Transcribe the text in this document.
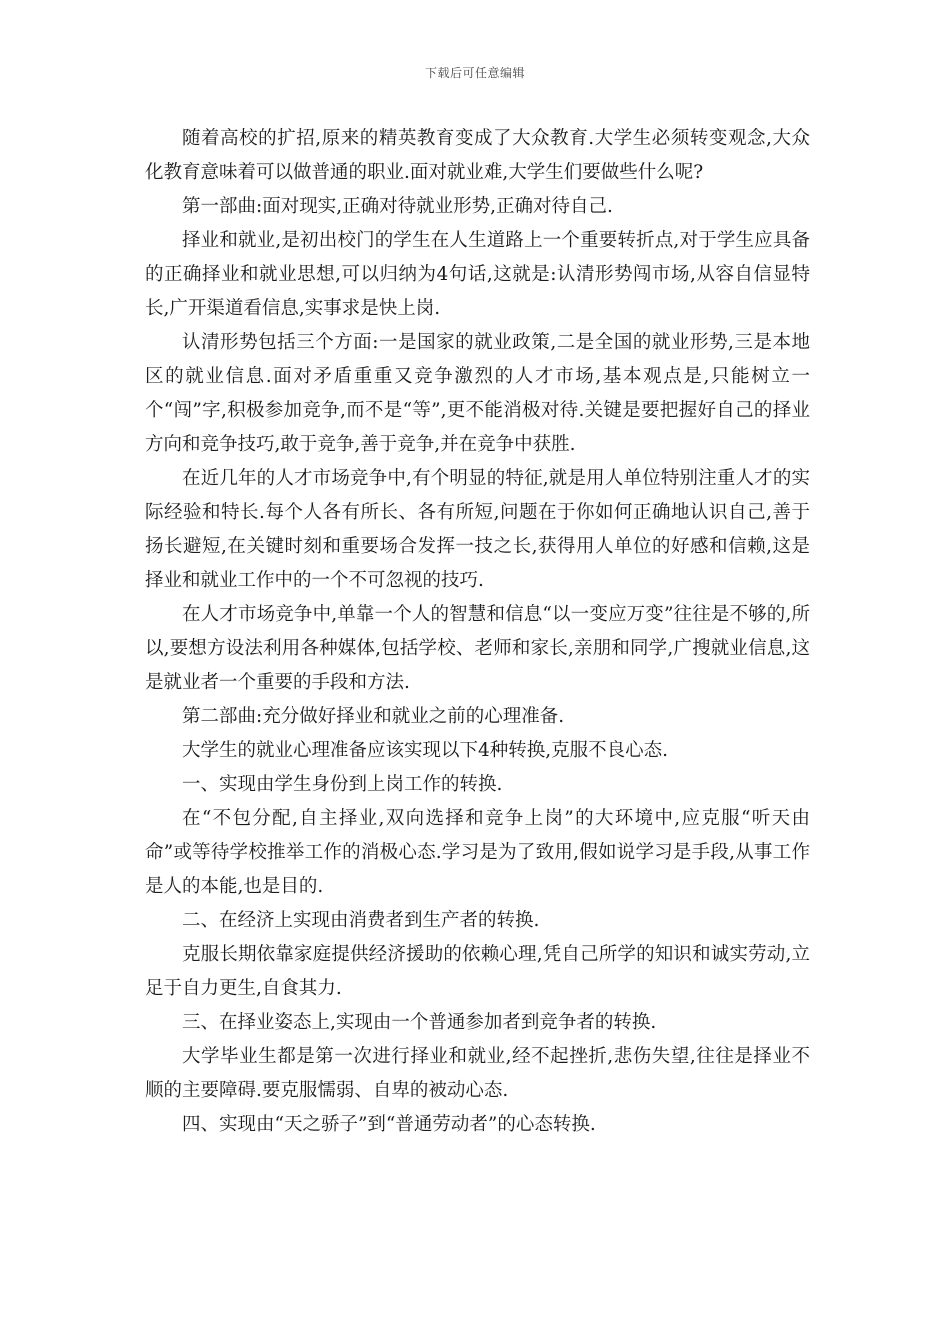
下载后可任意编辑

随着高校的扩招,原来的精英教育变成了大众教育.大学生必须转变观念,大众化教育意味着可以做普通的职业.面对就业难,大学生们要做些什么呢?

第一部曲:面对现实,正确对待就业形势,正确对待自己.

择业和就业,是初出校门的学生在人生道路上一个重要转折点,对于学生应具备的正确择业和就业思想,可以归纳为4句话,这就是:认清形势闯市场,从容自信显特长,广开渠道看信息,实事求是快上岗.

认清形势包括三个方面:一是国家的就业政策,二是全国的就业形势,三是本地区的就业信息.面对矛盾重重又竞争激烈的人才市场,基本观点是,只能树立一个“闯”字,积极参加竞争,而不是“等”,更不能消极对待.关键是要把握好自己的择业方向和竞争技巧,敢于竞争,善于竞争,并在竞争中获胜.

在近几年的人才市场竞争中,有个明显的特征,就是用人单位特别注重人才的实际经验和特长.每个人各有所长、各有所短,问题在于你如何正确地认识自己,善于扬长避短,在关键时刻和重要场合发挥一技之长,获得用人单位的好感和信赖,这是择业和就业工作中的一个不可忽视的技巧.

在人才市场竞争中,单靠一个人的智慧和信息“以一变应万变”往往是不够的,所以,要想方设法利用各种媒体,包括学校、老师和家长,亲朋和同学,广搜就业信息,这是就业者一个重要的手段和方法.

第二部曲:充分做好择业和就业之前的心理准备.

大学生的就业心理准备应该实现以下4种转换,克服不良心态.

一、实现由学生身份到上岗工作的转换.

在“不包分配,自主择业,双向选择和竞争上岗”的大环境中,应克服“听天由命”或等待学校推举工作的消极心态.学习是为了致用,假如说学习是手段,从事工作是人的本能,也是目的.

二、在经济上实现由消费者到生产者的转换.

克服长期依靠家庭提供经济援助的依赖心理,凭自己所学的知识和诚实劳动,立足于自力更生,自食其力.

三、在择业姿态上,实现由一个普通参加者到竞争者的转换.

大学毕业生都是第一次进行择业和就业,经不起挫折,悲伤失望,往往是择业不顺的主要障碍.要克服懦弱、自卑的被动心态.

四、实现由“天之骄子”到“普通劳动者”的心态转换.
